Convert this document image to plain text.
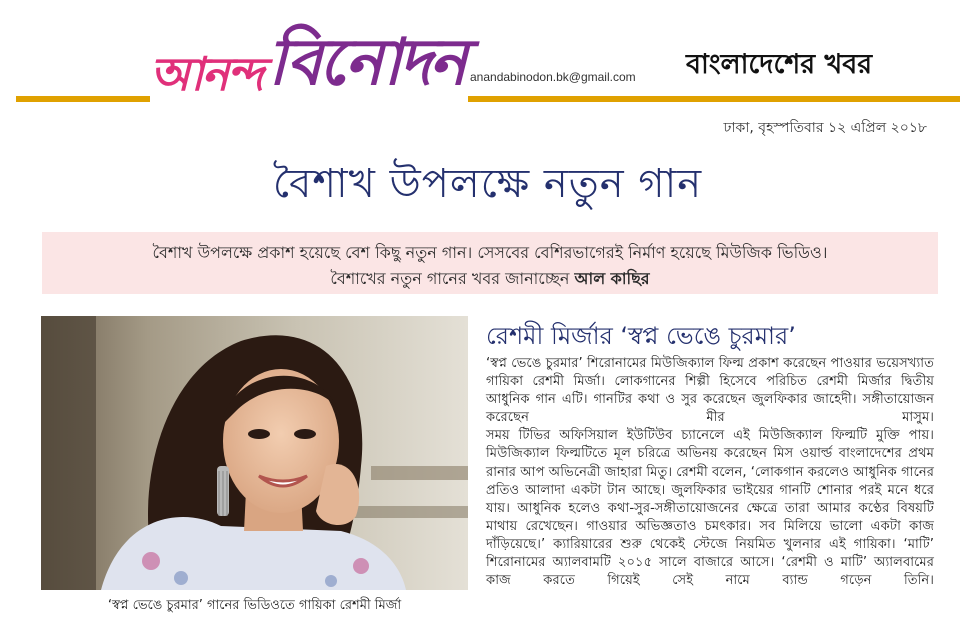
আনন্দ বিনোদন anandabinodon.bk@gmail.com বাংলাদেশের খবর
ঢাকা, বৃহস্পতিবার ১২ এপ্রিল ২০১৮
বৈশাখ উপলক্ষে নতুন গান
বৈশাখ উপলক্ষে প্রকাশ হয়েছে বেশ কিছু নতুন গান। সেসবের বেশিরভাগেরই নির্মাণ হয়েছে মিউজিক ভিডিও।
বৈশাখের নতুন গানের খবর জানাচ্ছেন আল কাছির
‘স্বপ্ন ভেঙে চুরমার’ গানের ভিডিওতে গায়িকা রেশমী মির্জা
রেশমী মির্জার ‘স্বপ্ন ভেঙে চুরমার’

‘স্বপ্ন ভেঙে চুরমার’ শিরোনামের মিউজিক্যাল ফিল্ম প্রকাশ করেছেন পাওয়ার ভয়েসখ্যাত গায়িকা রেশমী মির্জা। লোকগানের শিল্পী হিসেবে পরিচিত রেশমী মির্জার দ্বিতীয় আধুনিক গান এটি। গানটির কথা ও সুর করেছেন জুলফিকার জাহেদী। সঙ্গীতায়োজন করেছেন মীর মাসুম।

সময় টিভির অফিসিয়াল ইউটিউব চ্যানেলে এই মিউজিক্যাল ফিল্মটি মুক্তি পায়। মিউজিক্যাল ফিল্মটিতে মূল চরিত্রে অভিনয় করেছেন মিস ওয়ার্ল্ড বাংলাদেশের প্রথম রানার আপ অভিনেত্রী জাহারা মিতু। রেশমী বলেন, ‘লোকগান করলেও আধুনিক গানের প্রতিও আলাদা একটা টান আছে। জুলফিকার ভাইয়ের গানটি শোনার পরই মনে ধরে যায়। আধুনিক হলেও কথা-সুর-সঙ্গীতায়োজনের ক্ষেত্রে তারা আমার কণ্ঠের বিষয়টি মাথায় রেখেছেন। গাওয়ার অভিজ্ঞতাও চমৎকার। সব মিলিয়ে ভালো একটা কাজ দাঁড়িয়েছে।’ ক্যারিয়ারের শুরু থেকেই স্টেজে নিয়মিত খুলনার এই গায়িকা। ‘মাটি’ শিরোনামের অ্যালবামটি ২০১৫ সালে বাজারে আসে। ‘রেশমী ও মাটি’ অ্যালবামের কাজ করতে গিয়েই সেই নামে ব্যান্ড গড়েন তিনি।
